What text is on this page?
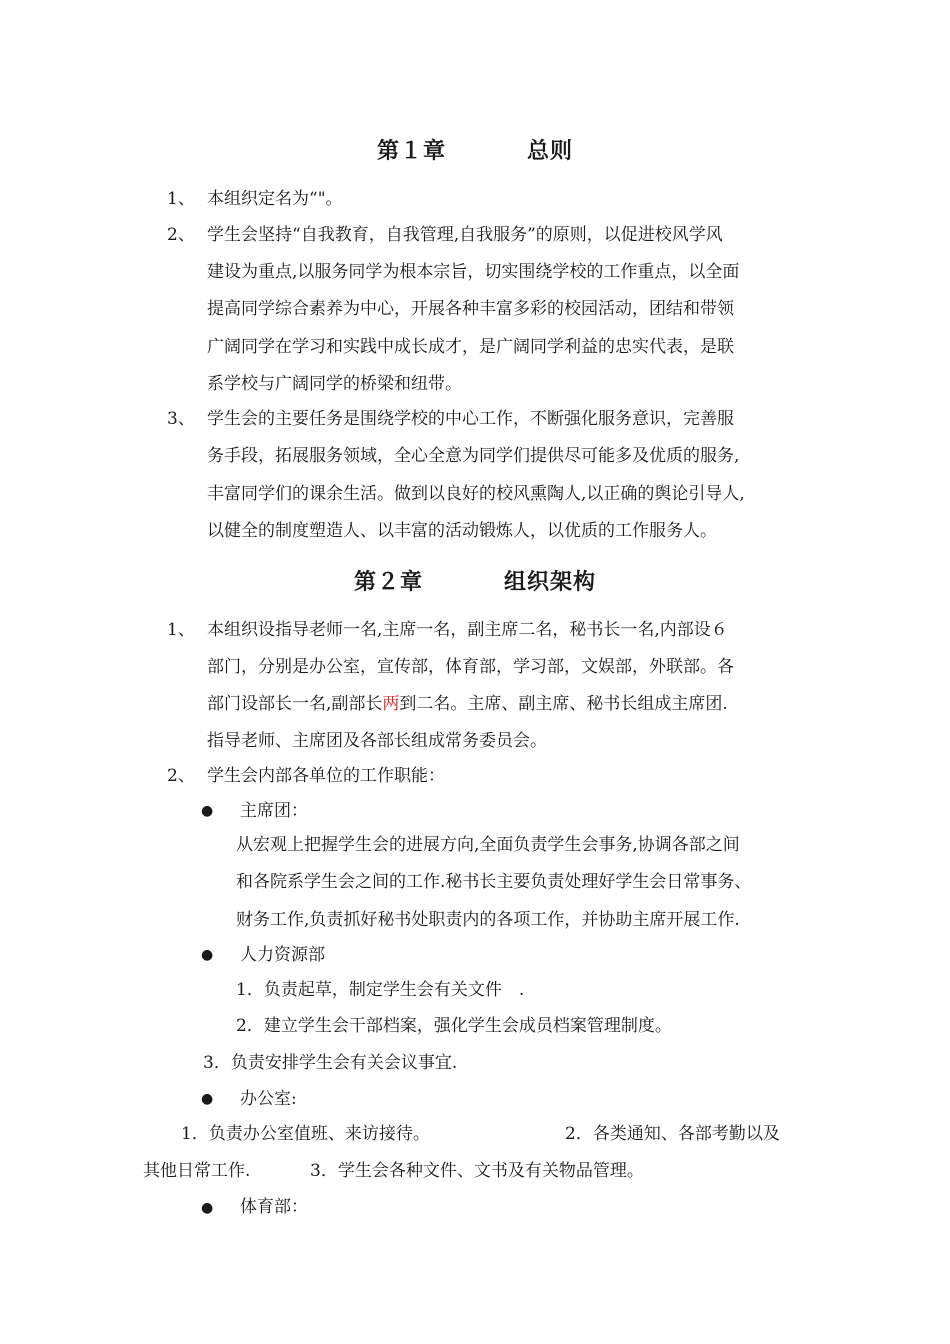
第１章	总则
1、 本组织定名为“"。
2、 学生会坚持“自我教育，自我管理,自我服务”的原则，以促进校风学风
建设为重点,以服务同学为根本宗旨，切实围绕学校的工作重点，以全面
提高同学综合素养为中心，开展各种丰富多彩的校园活动，团结和带领
广阔同学在学习和实践中成长成才，是广阔同学利益的忠实代表，是联
系学校与广阔同学的桥梁和纽带。
3、 学生会的主要任务是围绕学校的中心工作，不断强化服务意识，完善服
务手段，拓展服务领域，全心全意为同学们提供尽可能多及优质的服务,
丰富同学们的课余生活。做到以良好的校风熏陶人,以正确的舆论引导人,
以健全的制度塑造人、以丰富的活动锻炼人，以优质的工作服务人。
第２章	组织架构
1、 本组织设指导老师一名,主席一名，副主席二名，秘书长一名,内部设６
部门，分别是办公室，宣传部，体育部，学习部，文娱部，外联部。各
部门设部长一名,副部长两到二名。主席、副主席、秘书长组成主席团.
指导老师、主席团及各部长组成常务委员会。
2、 学生会内部各单位的工作职能：
● 主席团：
从宏观上把握学生会的进展方向,全面负责学生会事务,协调各部之间
和各院系学生会之间的工作.秘书长主要负责处理好学生会日常事务、
财务工作,负责抓好秘书处职责内的各项工作，并协助主席开展工作.
● 人力资源部
1．负责起草，制定学生会有关文件　.
2．建立学生会干部档案，强化学生会成员档案管理制度。
3．负责安排学生会有关会议事宜.
● 办公室:
1．负责办公室值班、来访接待。	2．各类通知、各部考勤以及
其他日常工作.	3．学生会各种文件、文书及有关物品管理。
● 体育部：
